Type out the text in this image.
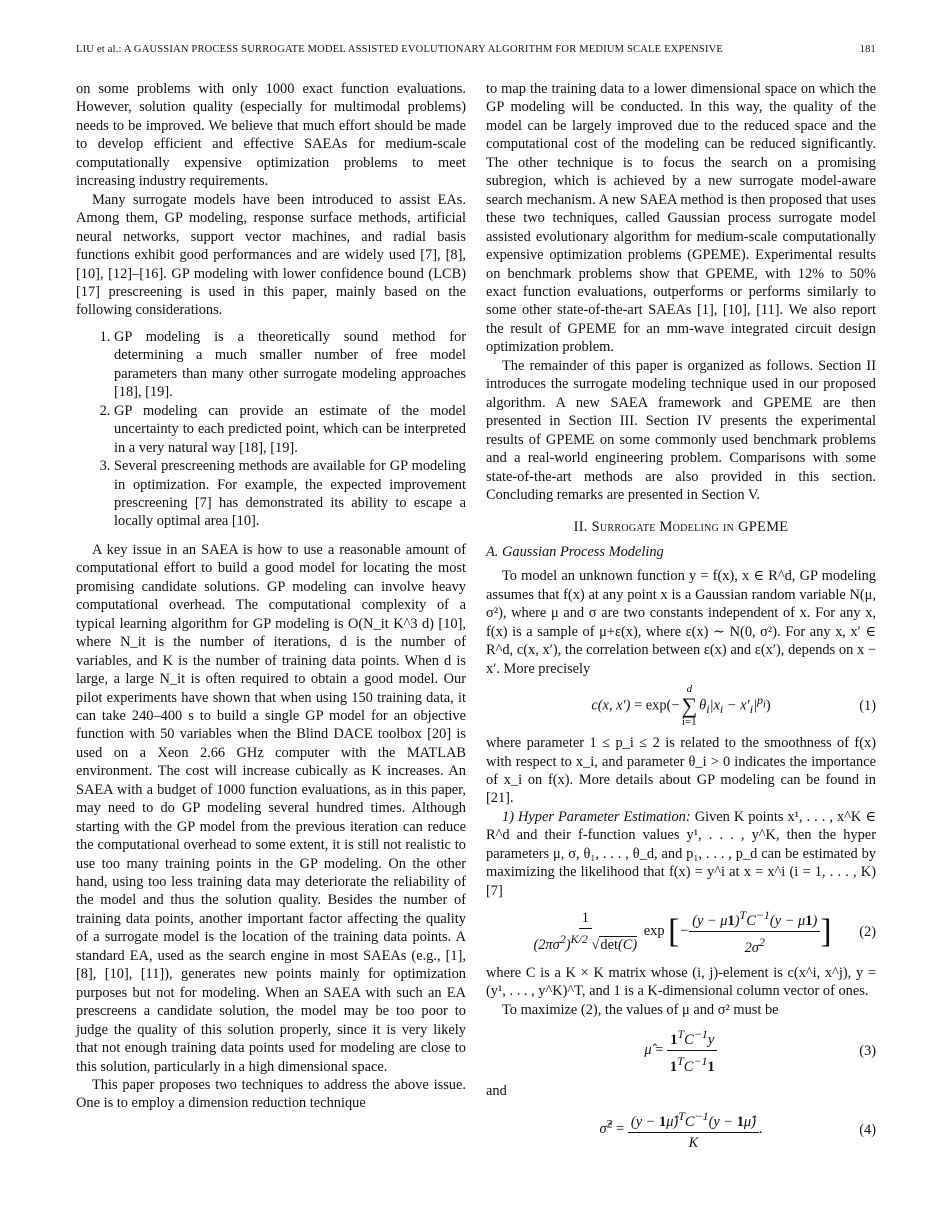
LIU et al.: A GAUSSIAN PROCESS SURROGATE MODEL ASSISTED EVOLUTIONARY ALGORITHM FOR MEDIUM SCALE EXPENSIVE	181

on some problems with only 1000 exact function evaluations. However, solution quality (especially for multimodal problems) needs to be improved. We believe that much effort should be made to develop efficient and effective SAEAs for medium-scale computationally expensive optimization problems to meet increasing industry requirements.

Many surrogate models have been introduced to assist EAs. Among them, GP modeling, response surface methods, artificial neural networks, support vector machines, and radial basis functions exhibit good performances and are widely used [7], [8], [10], [12]–[16]. GP modeling with lower confidence bound (LCB) [17] prescreening is used in this paper, mainly based on the following considerations.

1. GP modeling is a theoretically sound method for determining a much smaller number of free model parameters than many other surrogate modeling approaches [18], [19].
2. GP modeling can provide an estimate of the model uncertainty to each predicted point, which can be interpreted in a very natural way [18], [19].
3. Several prescreening methods are available for GP modeling in optimization. For example, the expected improvement prescreening [7] has demonstrated its ability to escape a locally optimal area [10].

A key issue in an SAEA is how to use a reasonable amount of computational effort to build a good model for locating the most promising candidate solutions. GP modeling can involve heavy computational overhead. The computational complexity of a typical learning algorithm for GP modeling is O(N_it K^3 d) [10], where N_it is the number of iterations, d is the number of variables, and K is the number of training data points. When d is large, a large N_it is often required to obtain a good model. Our pilot experiments have shown that when using 150 training data, it can take 240–400 s to build a single GP model for an objective function with 50 variables when the Blind DACE toolbox [20] is used on a Xeon 2.66 GHz computer with the MATLAB environment. The cost will increase cubically as K increases. An SAEA with a budget of 1000 function evaluations, as in this paper, may need to do GP modeling several hundred times. Although starting with the GP model from the previous iteration can reduce the computational overhead to some extent, it is still not realistic to use too many training points in the GP modeling. On the other hand, using too less training data may deteriorate the reliability of the model and thus the solution quality. Besides the number of training data points, another important factor affecting the quality of a surrogate model is the location of the training data points. A standard EA, used as the search engine in most SAEAs (e.g., [1], [8], [10], [11]), generates new points mainly for optimization purposes but not for modeling. When an SAEA with such an EA prescreens a candidate solution, the model may be too poor to judge the quality of this solution properly, since it is very likely that not enough training data points used for modeling are close to this solution, particularly in a high dimensional space.

This paper proposes two techniques to address the above issue. One is to employ a dimension reduction technique

to map the training data to a lower dimensional space on which the GP modeling will be conducted. In this way, the quality of the model can be largely improved due to the reduced space and the computational cost of the modeling can be reduced significantly. The other technique is to focus the search on a promising subregion, which is achieved by a new surrogate model-aware search mechanism. A new SAEA method is then proposed that uses these two techniques, called Gaussian process surrogate model assisted evolutionary algorithm for medium-scale computationally expensive optimization problems (GPEME). Experimental results on benchmark problems show that GPEME, with 12% to 50% exact function evaluations, outperforms or performs similarly to some other state-of-the-art SAEAs [1], [10], [11]. We also report the result of GPEME for an mm-wave integrated circuit design optimization problem.

The remainder of this paper is organized as follows. Section II introduces the surrogate modeling technique used in our proposed algorithm. A new SAEA framework and GPEME are then presented in Section III. Section IV presents the experimental results of GPEME on some commonly used benchmark problems and a real-world engineering problem. Comparisons with some state-of-the-art methods are also provided in this section. Concluding remarks are presented in Section V.

II. Surrogate Modeling in GPEME
A. Gaussian Process Modeling

To model an unknown function y = f(x), x ∈ R^d, GP modeling assumes that f(x) at any point x is a Gaussian random variable N(μ, σ²), where μ and σ are two constants independent of x. For any x, f(x) is a sample of μ+ε(x), where ε(x) ∼ N(0, σ²). For any x, x′ ∈ R^d, c(x, x′), the correlation between ε(x) and ε(x′), depends on x − x′. More precisely

c(x, x′) = exp(−
d
∑
i=1
$\theta_i|x_i - x'_i|^{p_i}$)	(1)

where parameter 1 ≤ p_i ≤ 2 is related to the smoothness of f(x) with respect to x_i, and parameter θ_i > 0 indicates the importance of x_i on f(x). More details about GP modeling can be found in [21].

1) Hyper Parameter Estimation: Given K points x¹, . . . , x^K ∈ R^d and their f-function values y¹, . . . , y^K, then the hyper parameters μ, σ, θ₁, . . . , θ_d, and p₁, . . . , p_d can be estimated by maximizing the likelihood that f(x) = y^i at x = x^i (i = 1, . . . , K) [7]

$\frac{1}{(2\pi\sigma^2)^{K/2} √\det(C)}$ exp [− $\frac{(y - \mu 1)^TC^{-1}(y - \mu 1)}{2\sigma^2}$ ] (2)

where C is a K × K matrix whose (i, j)-element is c(x^i, x^j), y = (y¹, . . . , y^K)^T, and 1 is a K-dimensional column vector of ones.

To maximize (2), the values of μ and σ² must be

μ̂ = $\frac{1^TC^{-1}y}{1^TC^{-1}1}$	(3)

and

σ̂$^2$ = $\frac{(y - 1\mû)^TC^{-1}(y - 1\mû)}{K}$ .	(4)
